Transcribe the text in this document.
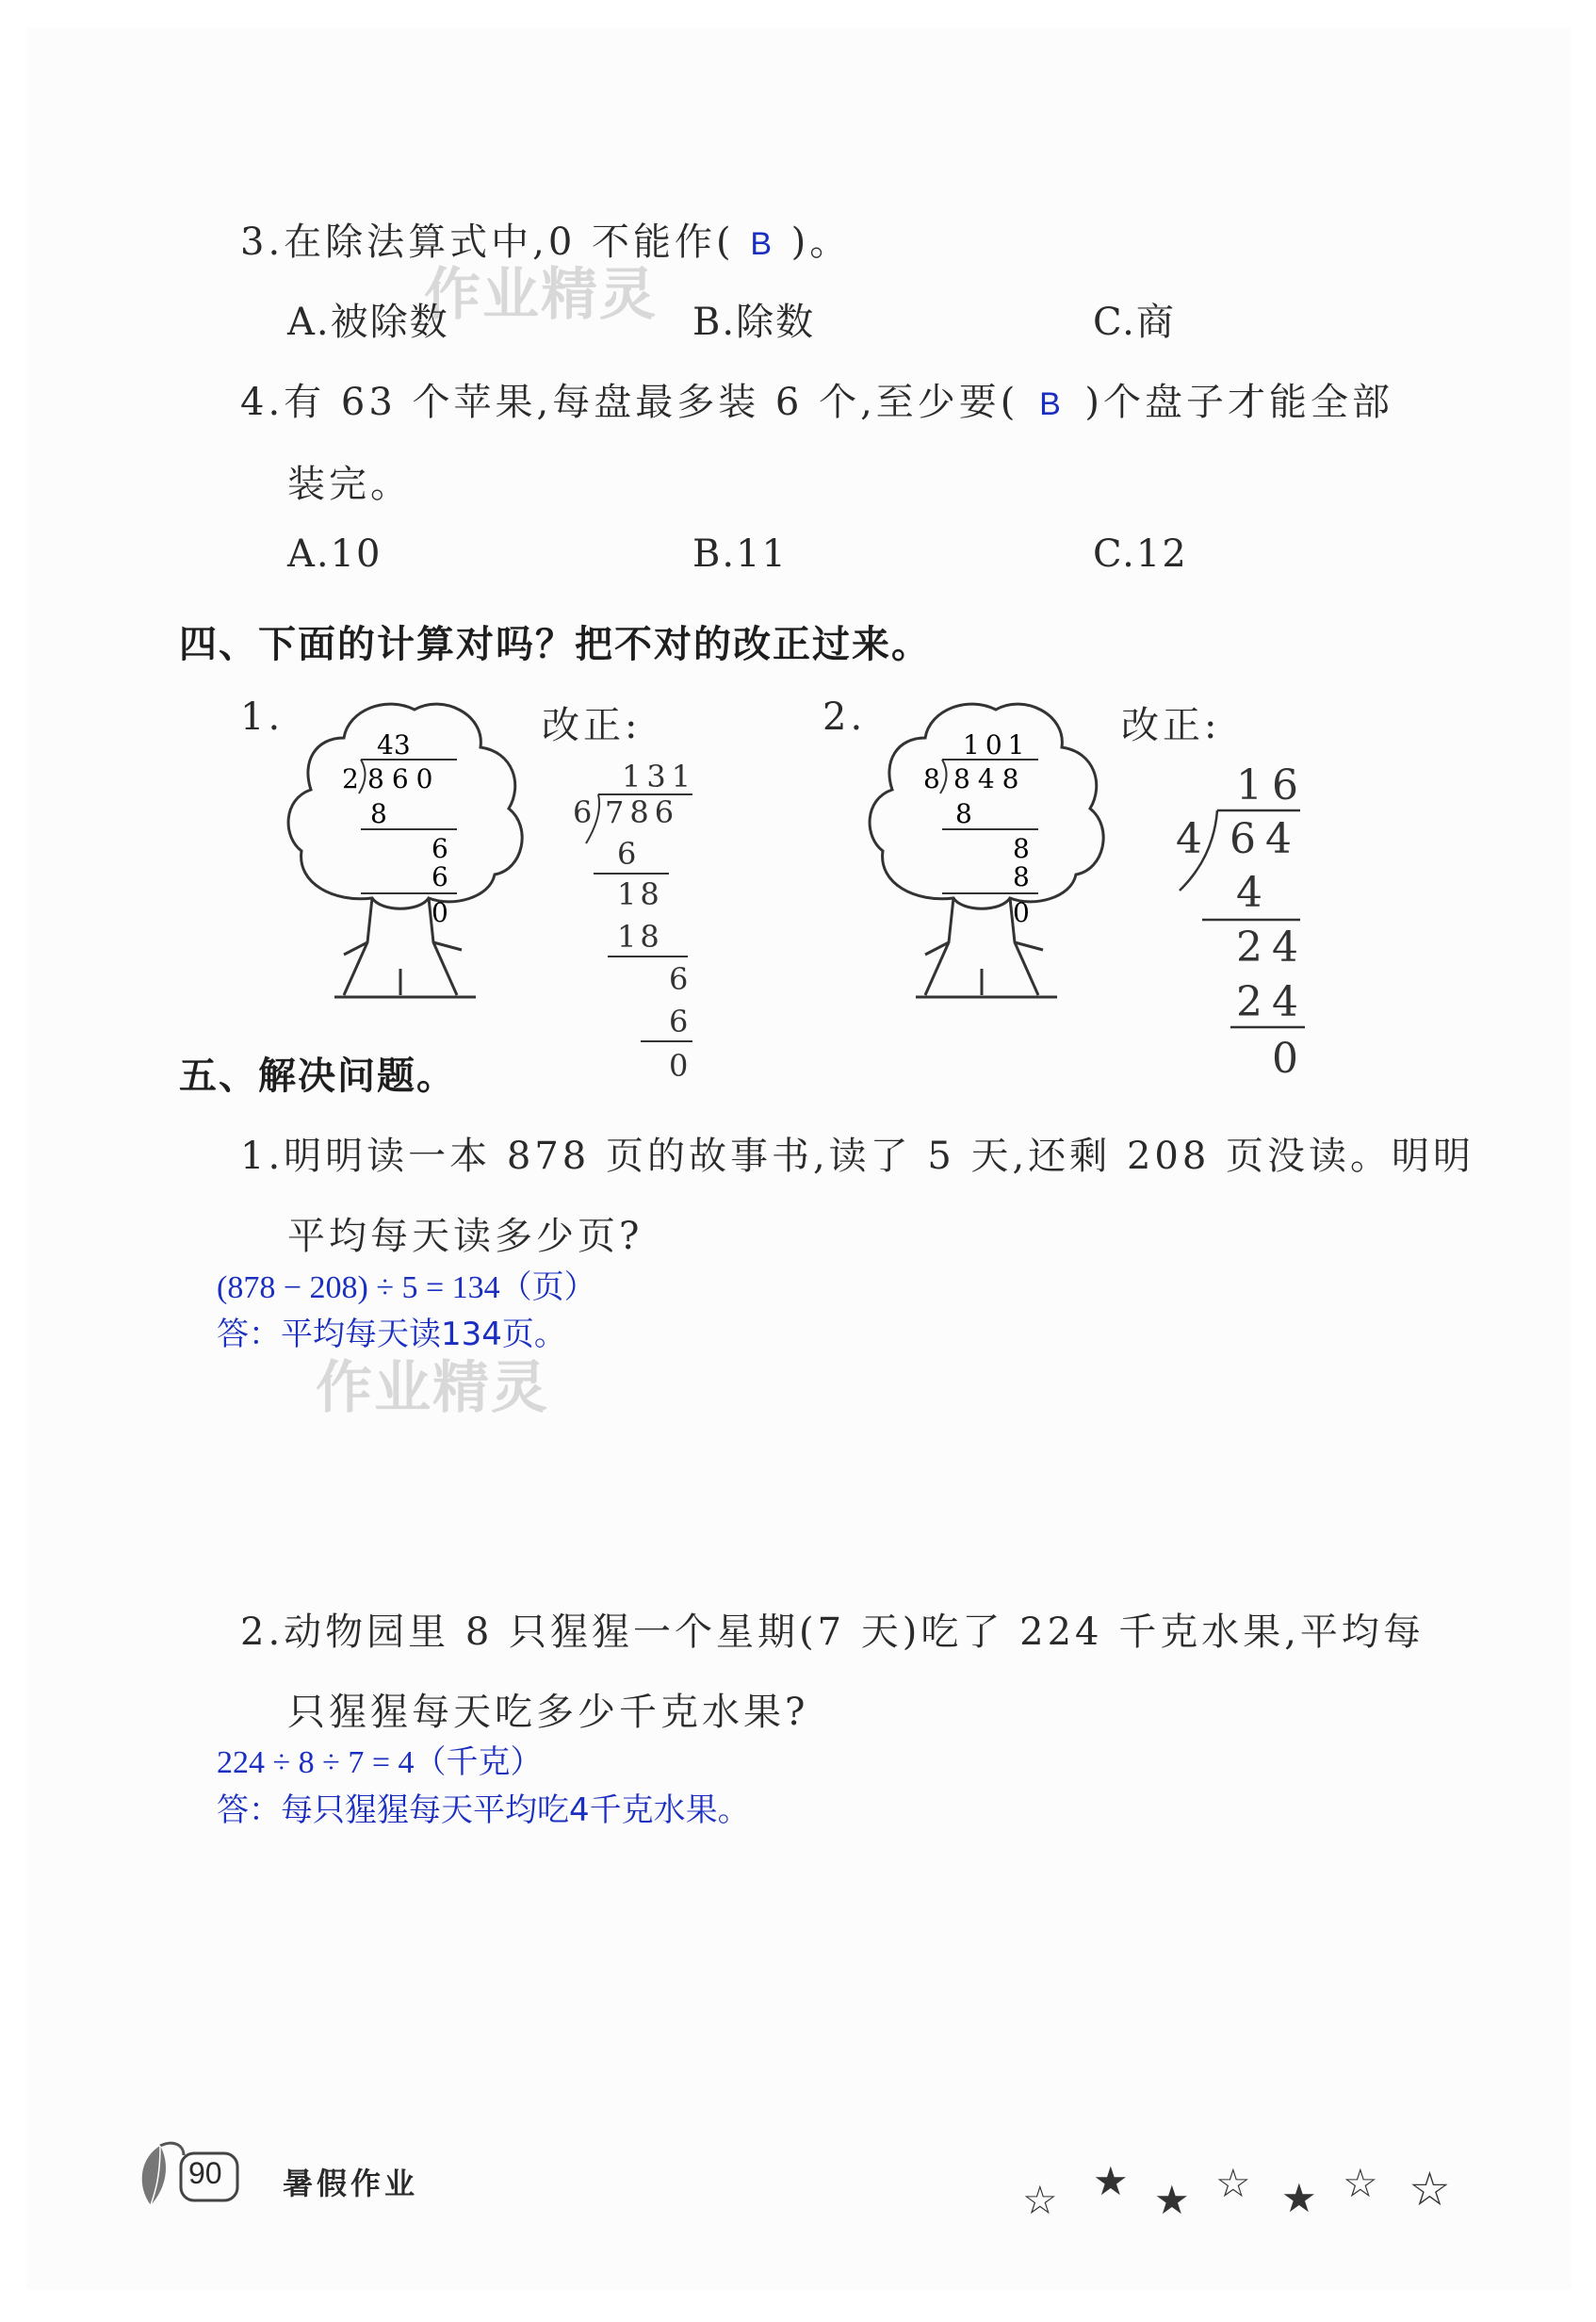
3.在除法算式中,0 不能作( B )。
作业精灵
A.被除数	B.除数	C.商
4.有 63 个苹果,每盘最多装 6 个,至少要( B )个盘子才能全部
装完。
A.10	B.11	C.12
四、下面的计算对吗？把不对的改正过来。
1.	改正:	2.	改正:
43
2 860
8
6
6
0
131
6 786
6
18
18
6
6
0
101
8 848
8
8
8
0
16
4 64
4
24
24
0
五、解决问题。
1.明明读一本 878 页的故事书,读了 5 天,还剩 208 页没读。明明
平均每天读多少页?
(878 − 208) ÷ 5 = 134（页）
答：平均每天读134页。
作业精灵
2.动物园里 8 只猩猩一个星期(7 天)吃了 224 千克水果,平均每
只猩猩每天吃多少千克水果?
224 ÷ 8 ÷ 7 = 4（千克）
答：每只猩猩每天平均吃4千克水果。
90 暑假作业	☆ ★ ★ ☆ ★ ☆ ☆
